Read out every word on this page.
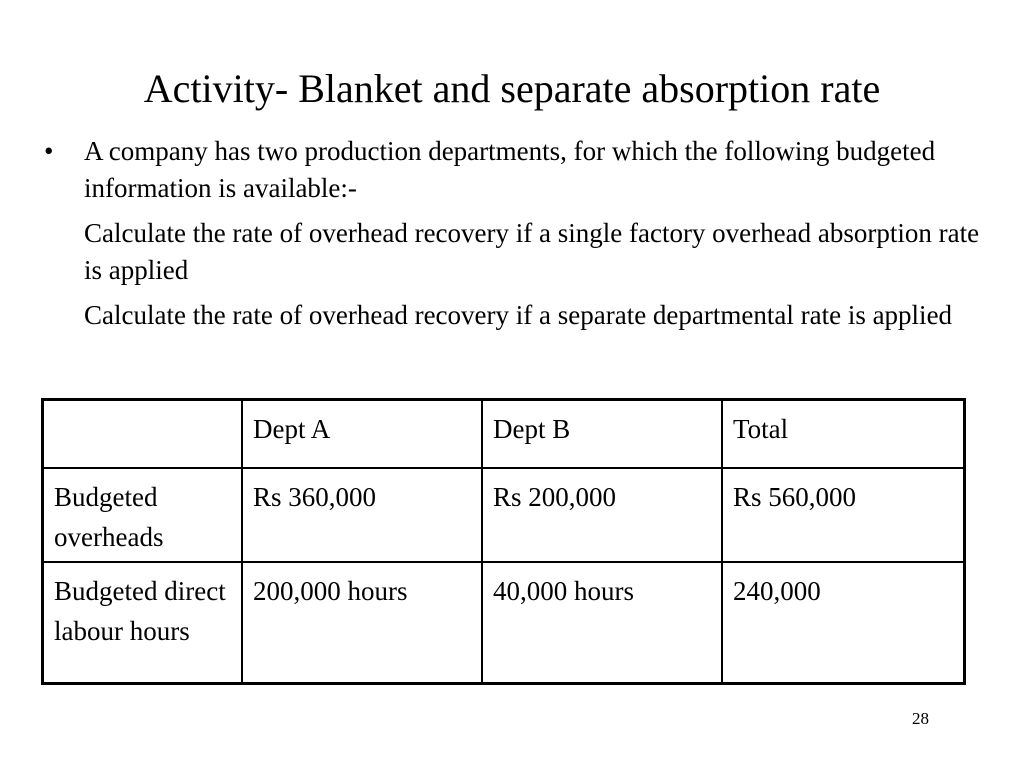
Activity- Blanket and separate absorption rate
•	A company has two production departments, for which the following budgeted information is available:-
Calculate the rate of overhead recovery if a single factory overhead absorption rate is applied
Calculate the rate of overhead recovery if a separate departmental rate is applied
	Dept A	Dept B	Total
Budgeted overheads	Rs 360,000	Rs 200,000	Rs 560,000
Budgeted direct labour hours	200,000 hours	40,000 hours	240,000
28
